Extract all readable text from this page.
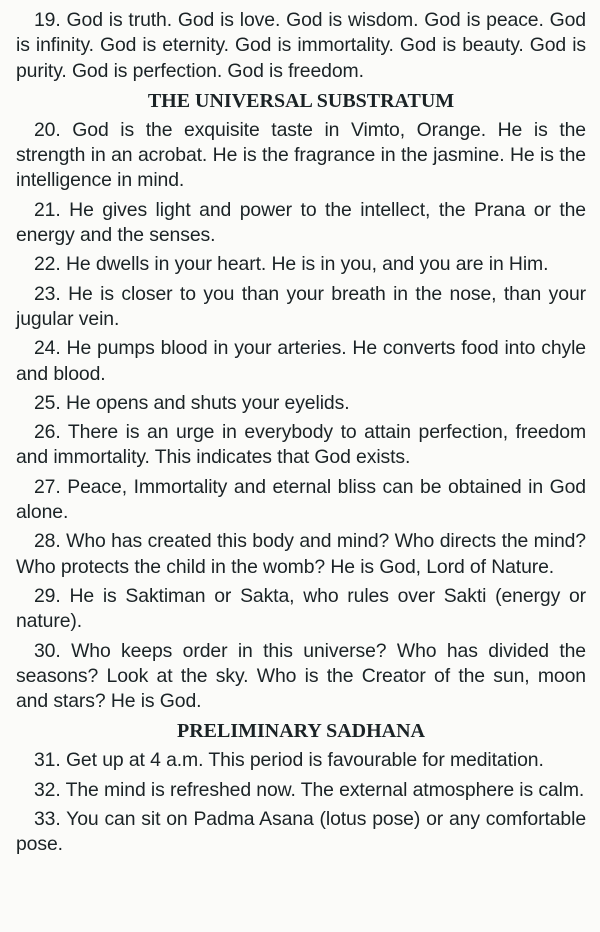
19. God is truth. God is love. God is wisdom. God is peace. God is infinity. God is eternity. God is immortality. God is beauty. God is purity. God is perfection. God is freedom.

THE UNIVERSAL SUBSTRATUM

20. God is the exquisite taste in Vimto, Orange. He is the strength in an acrobat. He is the fragrance in the jasmine. He is the intelligence in mind.

21. He gives light and power to the intellect, the Prana or the energy and the senses.

22. He dwells in your heart. He is in you, and you are in Him.

23. He is closer to you than your breath in the nose, than your jugular vein.

24. He pumps blood in your arteries. He converts food into chyle and blood.

25. He opens and shuts your eyelids.

26. There is an urge in everybody to attain perfection, freedom and immortality. This indicates that God exists.

27. Peace, Immortality and eternal bliss can be obtained in God alone.

28. Who has created this body and mind? Who directs the mind? Who protects the child in the womb? He is God, Lord of Nature.

29. He is Saktiman or Sakta, who rules over Sakti (energy or nature).

30. Who keeps order in this universe? Who has divided the seasons? Look at the sky. Who is the Creator of the sun, moon and stars? He is God.

PRELIMINARY SADHANA

31. Get up at 4 a.m. This period is favourable for meditation.

32. The mind is refreshed now. The external atmosphere is calm.

33. You can sit on Padma Asana (lotus pose) or any comfortable pose.
